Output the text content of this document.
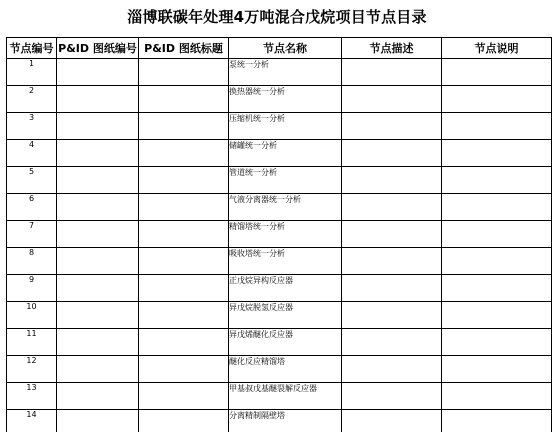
淄博联碳年处理4万吨混合戊烷项目节点目录
节点编号	P&ID 图纸编号	P&ID 图纸标题	节点名称	节点描述	节点说明
1			泵统一分析		
2			换热器统一分析		
3			压缩机统一分析		
4			储罐统一分析		
5			管道统一分析		
6			气液分离器统一分析		
7			精馏塔统一分析		
8			吸收塔统一分析		
9			正戊烷异构反应器		
10			异戊烷脱氢反应器		
11			异戊烯醚化反应器		
12			醚化反应精馏塔		
13			甲基叔戊基醚裂解反应器		
14			分离精制隔壁塔		
